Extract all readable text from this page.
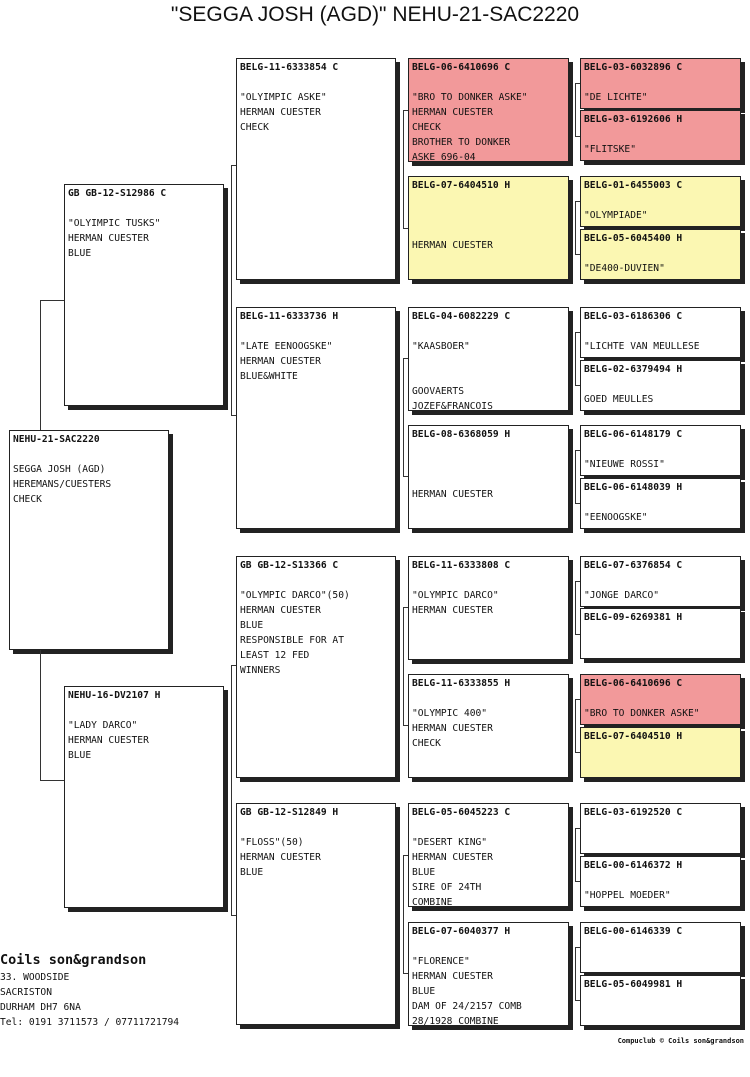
"SEGGA JOSH (AGD)" NEHU-21-SAC2220
NEHU-21-SAC2220
SEGGA JOSH (AGD)
HEREMANS/CUESTERS
CHECK
GB GB-12-S12986 C
"OLYIMPIC TUSKS"
HERMAN CUESTER
BLUE
NEHU-16-DV2107 H
"LADY DARCO"
HERMAN CUESTER
BLUE
BELG-11-6333854 C
"OLYIMPIC ASKE"
HERMAN CUESTER
CHECK
BELG-11-6333736 H
"LATE EENOOGSKE"
HERMAN CUESTER
BLUE&WHITE
GB GB-12-S13366 C
"OLYMPIC DARCO"(50)
HERMAN CUESTER
BLUE
RESPONSIBLE FOR AT
LEAST 12 FED
WINNERS
GB GB-12-S12849 H
"FLOSS"(50)
HERMAN CUESTER
BLUE
BELG-06-6410696 C
"BRO TO DONKER ASKE"
HERMAN CUESTER
CHECK
BROTHER TO DONKER
ASKE 696-04
BELG-07-6404510 H
HERMAN CUESTER
BELG-04-6082229 C
"KAASBOER"
GOOVAERTS
JOZEF&FRANCOIS
BELG-08-6368059 H
HERMAN CUESTER
BELG-11-6333808 C
"OLYMPIC DARCO"
HERMAN CUESTER
BELG-11-6333855 H
"OLYMPIC 400"
HERMAN CUESTER
CHECK
BELG-05-6045223 C
"DESERT KING"
HERMAN CUESTER
BLUE
SIRE OF 24TH
COMBINE
BELG-07-6040377 H
"FLORENCE"
HERMAN CUESTER
BLUE
DAM OF 24/2157 COMB
28/1928 COMBINE
BELG-03-6032896 C
"DE LICHTE"
BELG-03-6192606 H
"FLITSKE"
BELG-01-6455003 C
"OLYMPIADE"
BELG-05-6045400 H
"DE400-DUVIEN"
BELG-03-6186306 C
"LICHTE VAN MEULLESE
BELG-02-6379494 H
GOED MEULLES
BELG-06-6148179 C
"NIEUWE ROSSI"
BELG-06-6148039 H
"EENOOGSKE"
BELG-07-6376854 C
"JONGE DARCO"
BELG-09-6269381 H
BELG-06-6410696 C
"BRO TO DONKER ASKE"
BELG-07-6404510 H
BELG-03-6192520 C
BELG-00-6146372 H
"HOPPEL MOEDER"
BELG-00-6146339 C
BELG-05-6049981 H
Coils son&grandson
33. WOODSIDE
SACRISTON
DURHAM DH7 6NA
Tel: 0191 3711573 / 07711721794
Compuclub © Coils son&grandson
